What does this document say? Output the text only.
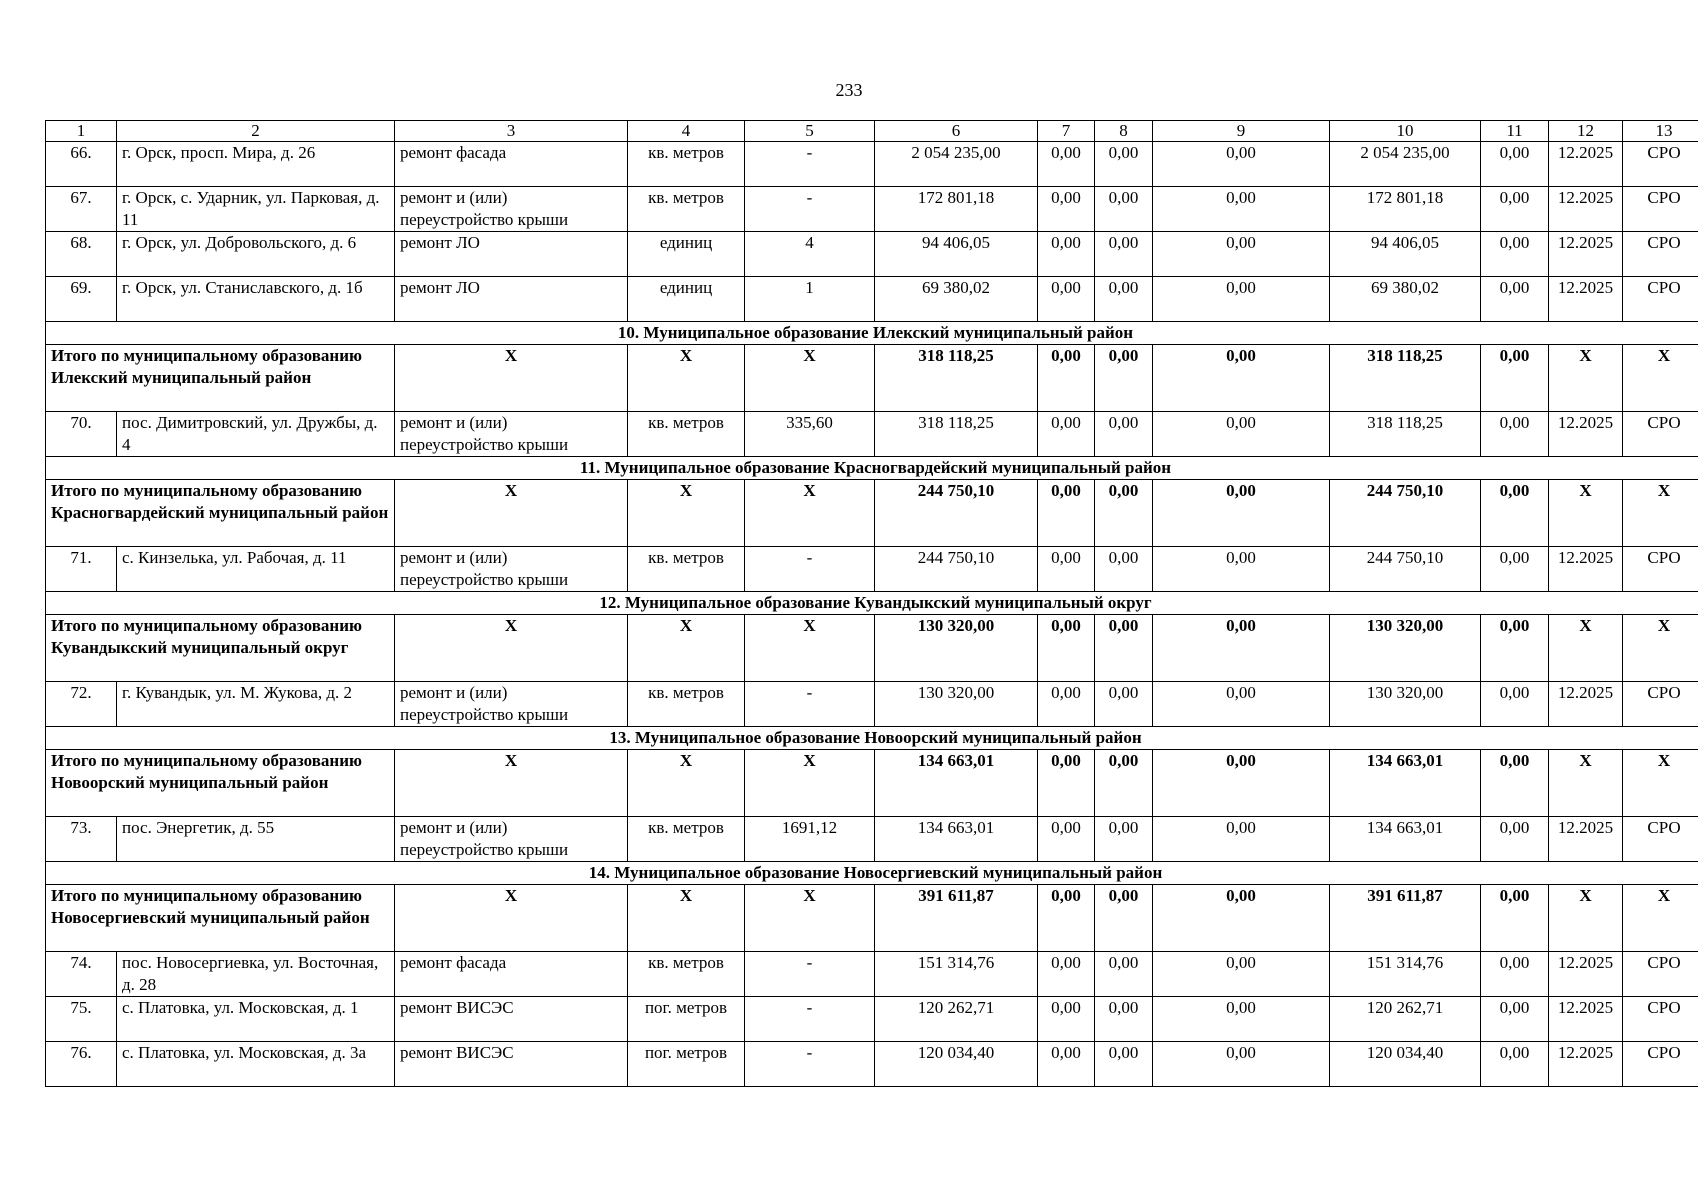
233
1	2	3	4	5	6	7	8	9	10	11	12	13
66.	г. Орск, просп. Мира, д. 26	ремонт фасада	кв. метров	-	2 054 235,00	0,00	0,00	0,00	2 054 235,00	0,00	12.2025	СРО
67.	г. Орск, с. Ударник, ул. Парковая, д. 11	ремонт и (или) переустройство крыши	кв. метров	-	172 801,18	0,00	0,00	0,00	172 801,18	0,00	12.2025	СРО
68.	г. Орск, ул. Добровольского, д. 6	ремонт ЛО	единиц	4	94 406,05	0,00	0,00	0,00	94 406,05	0,00	12.2025	СРО
69.	г. Орск, ул. Станиславского, д. 1б	ремонт ЛО	единиц	1	69 380,02	0,00	0,00	0,00	69 380,02	0,00	12.2025	СРО
10. Муниципальное образование Илекский муниципальный район												
Итого по муниципальному образованию Илекский муниципальный район		Х	Х	Х	318 118,25	0,00	0,00	0,00	318 118,25	0,00	Х	Х
70.	пос. Димитровский, ул. Дружбы, д. 4	ремонт и (или) переустройство крыши	кв. метров	335,60	318 118,25	0,00	0,00	0,00	318 118,25	0,00	12.2025	СРО
11. Муниципальное образование Красногвардейский муниципальный район												
Итого по муниципальному образованию Красногвардейский муниципальный район		Х	Х	Х	244 750,10	0,00	0,00	0,00	244 750,10	0,00	Х	Х
71.	с. Кинзелька, ул. Рабочая, д. 11	ремонт и (или) переустройство крыши	кв. метров	-	244 750,10	0,00	0,00	0,00	244 750,10	0,00	12.2025	СРО
12. Муниципальное образование Кувандыкский муниципальный округ												
Итого по муниципальному образованию Кувандыкский муниципальный округ		Х	Х	Х	130 320,00	0,00	0,00	0,00	130 320,00	0,00	Х	Х
72.	г. Кувандык, ул. М. Жукова, д. 2	ремонт и (или) переустройство крыши	кв. метров	-	130 320,00	0,00	0,00	0,00	130 320,00	0,00	12.2025	СРО
13. Муниципальное образование Новоорский муниципальный район												
Итого по муниципальному образованию Новоорский муниципальный район		Х	Х	Х	134 663,01	0,00	0,00	0,00	134 663,01	0,00	Х	Х
73.	пос. Энергетик, д. 55	ремонт и (или) переустройство крыши	кв. метров	1691,12	134 663,01	0,00	0,00	0,00	134 663,01	0,00	12.2025	СРО
14. Муниципальное образование Новосергиевский муниципальный район												
Итого по муниципальному образованию Новосергиевский муниципальный район		Х	Х	Х	391 611,87	0,00	0,00	0,00	391 611,87	0,00	Х	Х
74.	пос. Новосергиевка, ул. Восточная, д. 28	ремонт фасада	кв. метров	-	151 314,76	0,00	0,00	0,00	151 314,76	0,00	12.2025	СРО
75.	с. Платовка, ул. Московская, д. 1	ремонт ВИСЭС	пог. метров	-	120 262,71	0,00	0,00	0,00	120 262,71	0,00	12.2025	СРО
76.	с. Платовка, ул. Московская, д. 3а	ремонт ВИСЭС	пог. метров	-	120 034,40	0,00	0,00	0,00	120 034,40	0,00	12.2025	СРО
